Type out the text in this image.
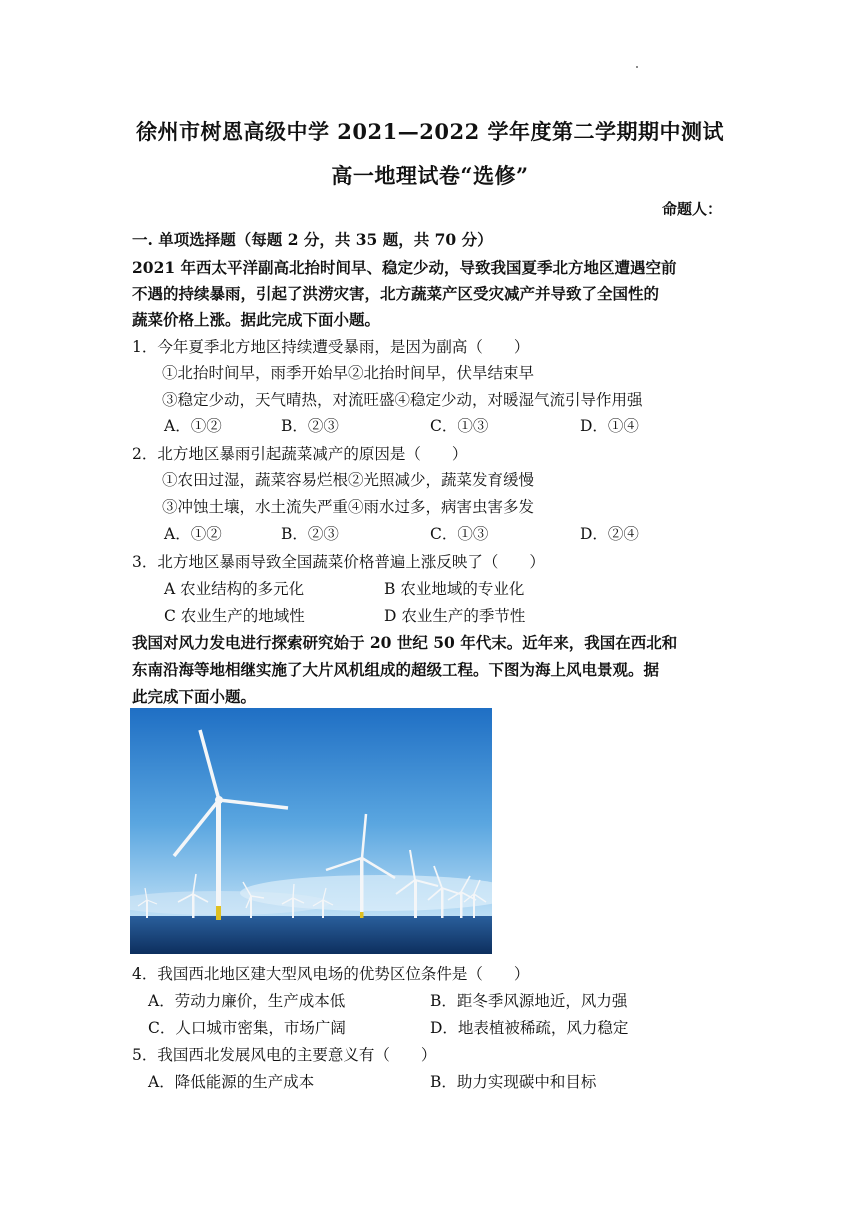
徐州市树恩高级中学 2021—2022 学年度第二学期期中测试
高一地理试卷“选修”
命题人：
一. 单项选择题（每题 2 分，共 35 题，共 70 分）
2021 年西太平洋副高北抬时间早、稳定少动，导致我国夏季北方地区遭遇空前
不遇的持续暴雨，引起了洪涝灾害，北方蔬菜产区受灾减产并导致了全国性的
蔬菜价格上涨。据此完成下面小题。
1．今年夏季北方地区持续遭受暴雨，是因为副高（　　）
①北抬时间早，雨季开始早②北抬时间早，伏旱结束早
③稳定少动，天气晴热，对流旺盛④稳定少动，对暖湿气流引导作用强
A．①②	B．②③	C．①③	D．①④
2．北方地区暴雨引起蔬菜减产的原因是（　　）
①农田过湿，蔬菜容易烂根②光照减少，蔬菜发育缓慢
③冲蚀土壤，水土流失严重④雨水过多，病害虫害多发
A．①②	B．②③	C．①③	D．②④
3．北方地区暴雨导致全国蔬菜价格普遍上涨反映了（　　）
A 农业结构的多元化	B 农业地域的专业化
C 农业生产的地域性	D 农业生产的季节性
我国对风力发电进行探索研究始于 20 世纪 50 年代末。近年来，我国在西北和
东南沿海等地相继实施了大片风机组成的超级工程。下图为海上风电景观。据
此完成下面小题。
4．我国西北地区建大型风电场的优势区位条件是（　　）
A．劳动力廉价，生产成本低	B．距冬季风源地近，风力强
C．人口城市密集，市场广阔	D．地表植被稀疏，风力稳定
5．我国西北发展风电的主要意义有（　　）
A．降低能源的生产成本	B．助力实现碳中和目标
